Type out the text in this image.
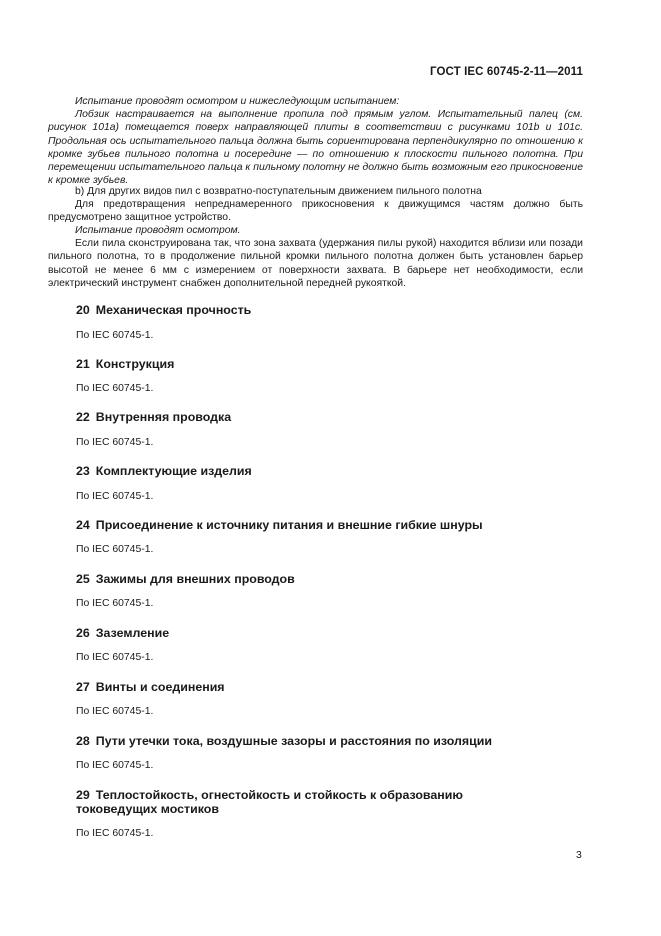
ГОСТ IEC 60745-2-11—2011
Испытание проводят осмотром и нижеследующим испытанием:
Лобзик настраивается на выполнение пропила под прямым углом. Испытательный палец (см. рисунок 101а) помещается поверх направляющей плиты в соответствии с рисунками 101b и 101с. Продольная ось испытательного пальца должна быть сориентирована перпендикулярно по отношению к кромке зубьев пильного полотна и посередине — по отношению к плоскости пильного полотна. При перемещении испытательного пальца к пильному полотну не должно быть возможным его прикосновение к кромке зубьев.
b) Для других видов пил с возвратно-поступательным движением пильного полотна
Для предотвращения непреднамеренного прикосновения к движущимся частям должно быть предусмотрено защитное устройство.
Испытание проводят осмотром.
Если пила сконструирована так, что зона захвата (удержания пилы рукой) находится вблизи или позади пильного полотна, то в продолжение пильной кромки пильного полотна должен быть установлен барьер высотой не менее 6 мм с измерением от поверхности захвата. В барьере нет необходимости, если электрический инструмент снабжен дополнительной передней рукояткой.
20 Механическая прочность
По IEC 60745-1.
21 Конструкция
По IEC 60745-1.
22 Внутренняя проводка
По IEC 60745-1.
23 Комплектующие изделия
По IEC 60745-1.
24 Присоединение к источнику питания и внешние гибкие шнуры
По IEC 60745-1.
25 Зажимы для внешних проводов
По IEC 60745-1.
26 Заземление
По IEC 60745-1.
27 Винты и соединения
По IEC 60745-1.
28 Пути утечки тока, воздушные зазоры и расстояния по изоляции
По IEC 60745-1.
29 Теплостойкость, огнестойкость и стойкость к образованию токоведущих мостиков
По IEC 60745-1.
3
